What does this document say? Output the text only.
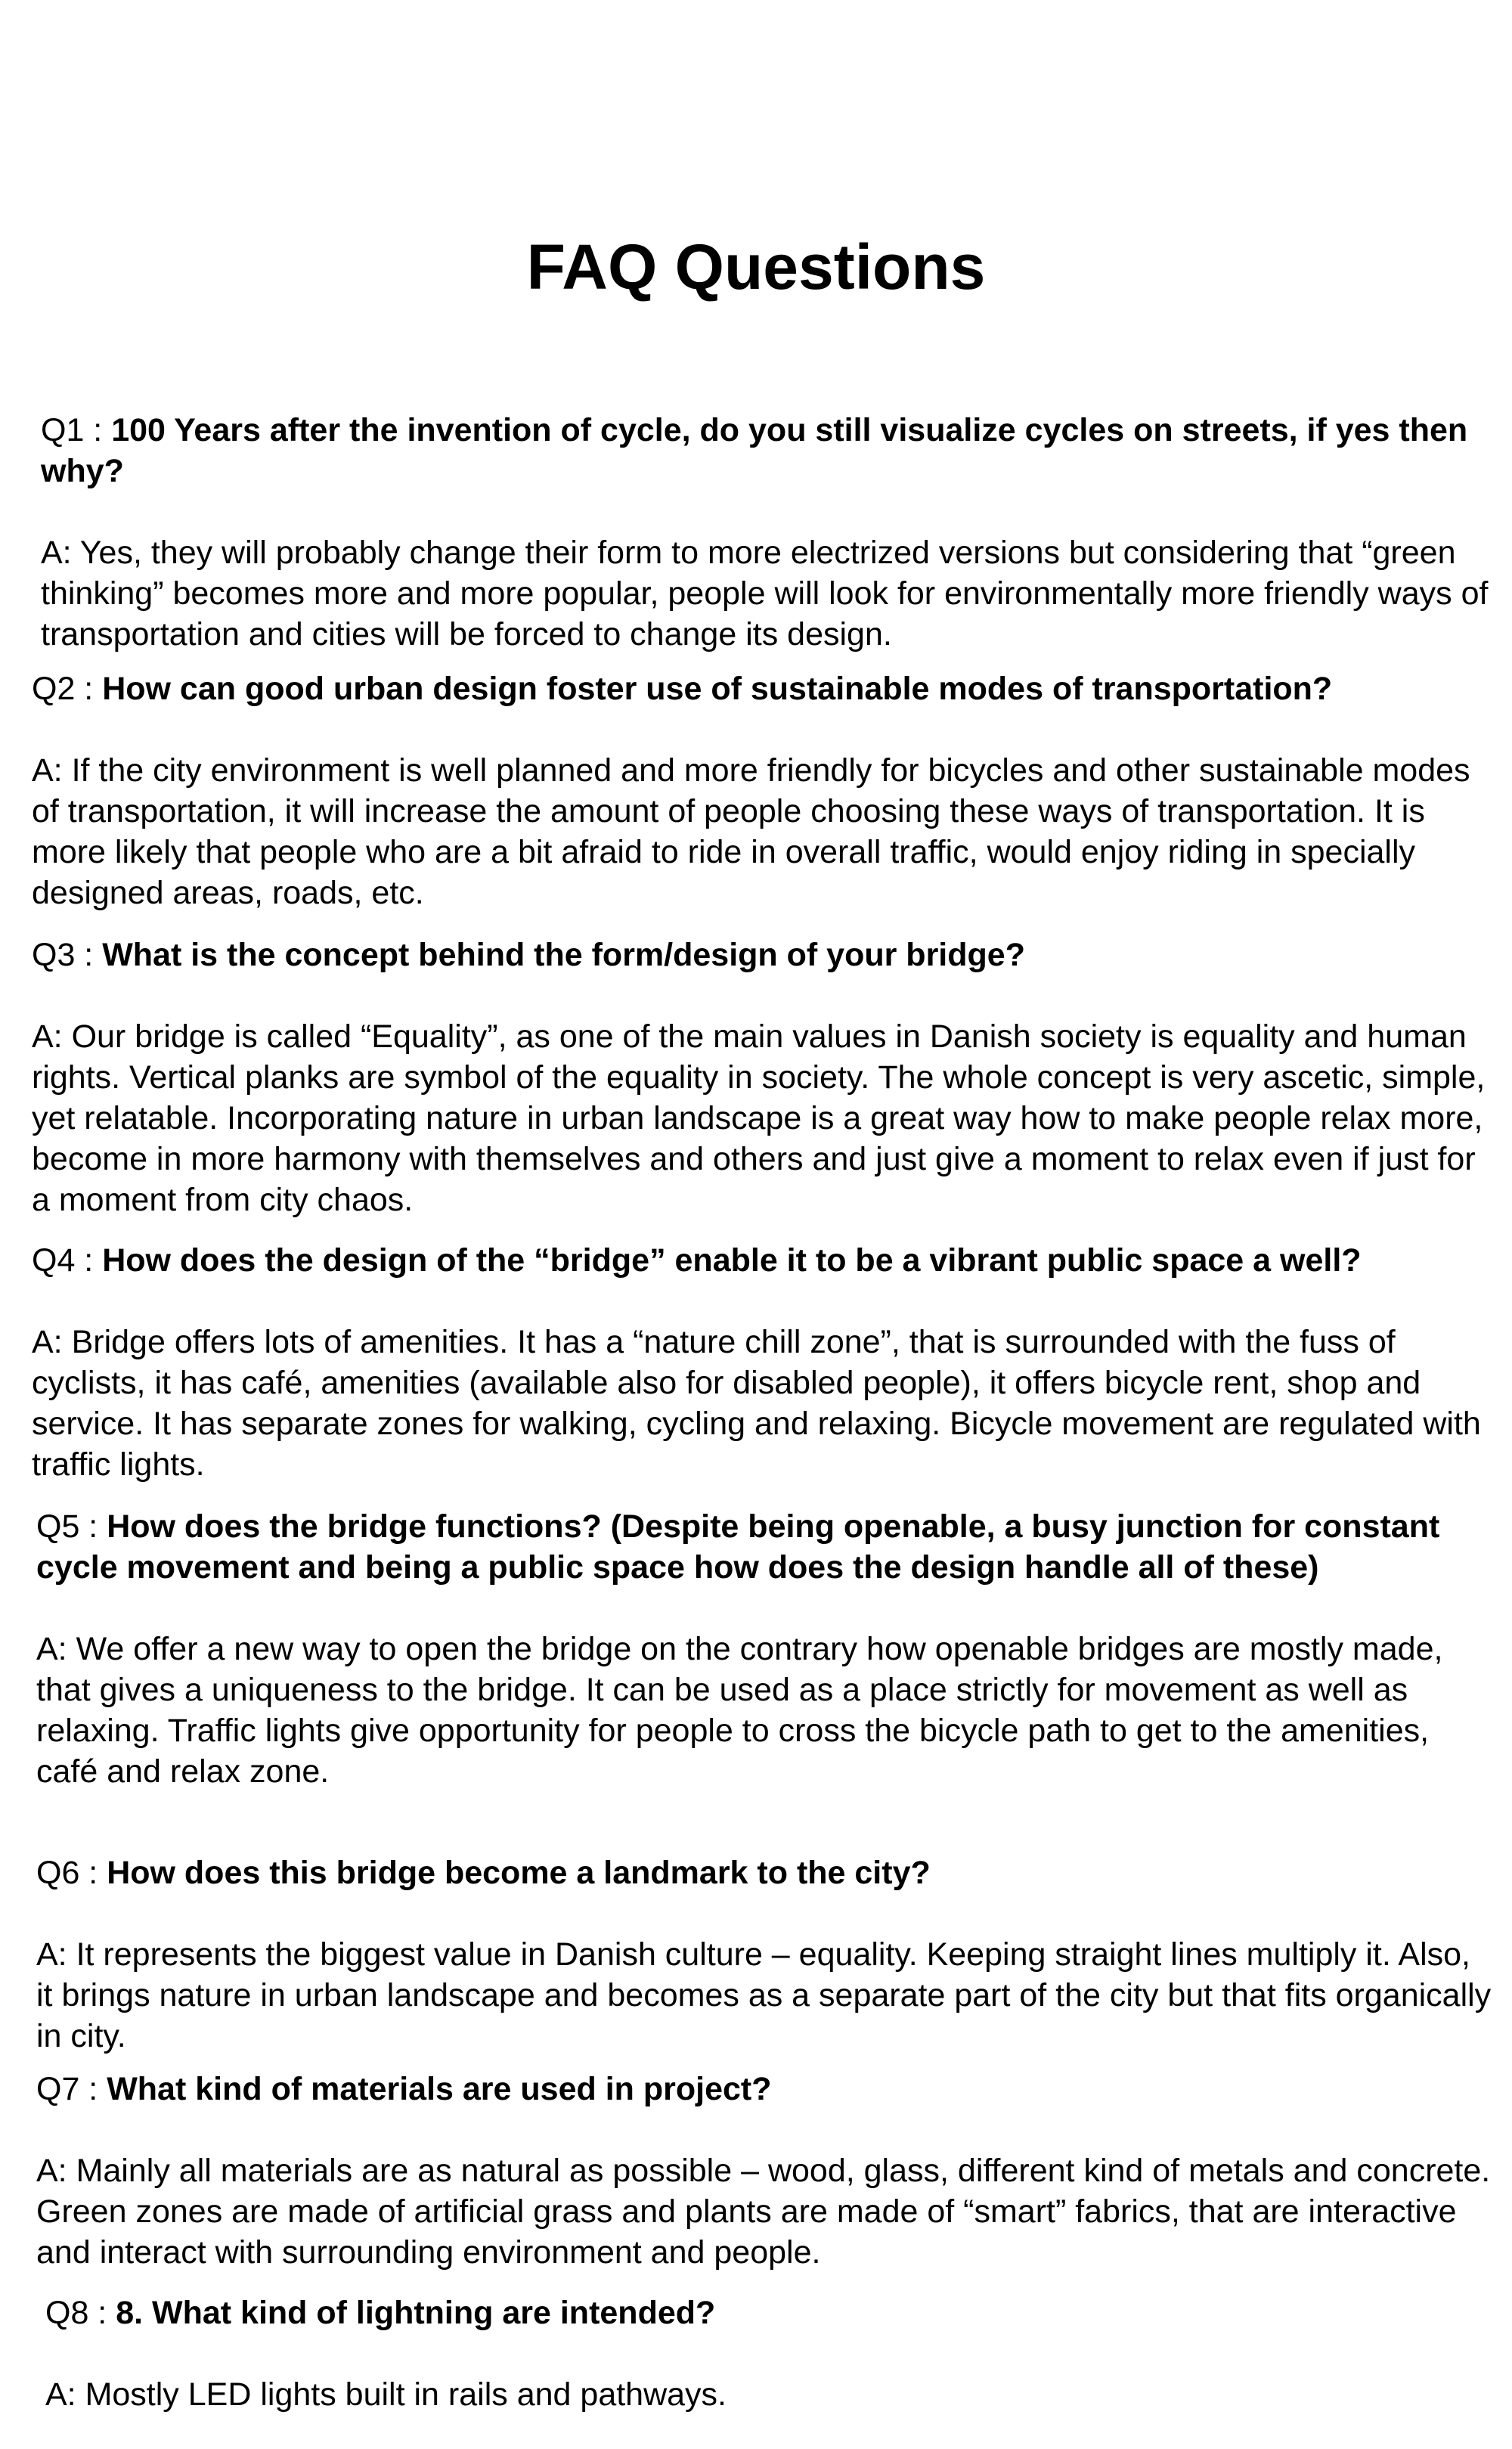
FAQ Questions

Q1 : 100 Years after the invention of cycle, do you still visualize cycles on streets, if yes then why?

A: Yes, they will probably change their form to more electrized versions but considering that “green thinking” becomes more and more popular, people will look for environmentally more friendly ways of transportation and cities will be forced to change its design.

Q2 : How can good urban design foster use of sustainable modes of transportation?

A: If the city environment is well planned and more friendly for bicycles and other sustainable modes of transportation, it will increase the amount of people choosing these ways of transportation. It is more likely that people who are a bit afraid to ride in overall traffic, would enjoy riding in specially designed areas, roads, etc.

Q3 : What is the concept behind the form/design of your bridge?

A: Our bridge is called “Equality”, as one of the main values in Danish society is equality and human rights. Vertical planks are symbol of the equality in society. The whole concept is very ascetic, simple, yet relatable. Incorporating nature in urban landscape is a great way how to make people relax more, become in more harmony with themselves and others and just give a moment to relax even if just for a moment from city chaos.

Q4 : How does the design of the “bridge” enable it to be a vibrant public space a well?

A: Bridge offers lots of amenities. It has a “nature chill zone”, that is surrounded with the fuss of cyclists, it has café, amenities (available also for disabled people), it offers bicycle rent, shop and service. It has separate zones for walking, cycling and relaxing. Bicycle movement are regulated with traffic lights.

Q5 : How does the bridge functions? (Despite being openable, a busy junction for constant cycle movement and being a public space how does the design handle all of these)

A: We offer a new way to open the bridge on the contrary how openable bridges are mostly made, that gives a uniqueness to the bridge. It can be used as a place strictly for movement as well as relaxing. Traffic lights give opportunity for people to cross the bicycle path to get to the amenities, café and relax zone.

Q6 : How does this bridge become a landmark to the city?

A: It represents the biggest value in Danish culture – equality. Keeping straight lines multiply it. Also, it brings nature in urban landscape and becomes as a separate part of the city but that fits organically in city.

Q7 : What kind of materials are used in project?

A: Mainly all materials are as natural as possible – wood, glass, different kind of metals and concrete. Green zones are made of artificial grass and plants are made of “smart” fabrics, that are interactive and interact with surrounding environment and people.

Q8 : 8. What kind of lightning are intended?

A: Mostly LED lights built in rails and pathways.
